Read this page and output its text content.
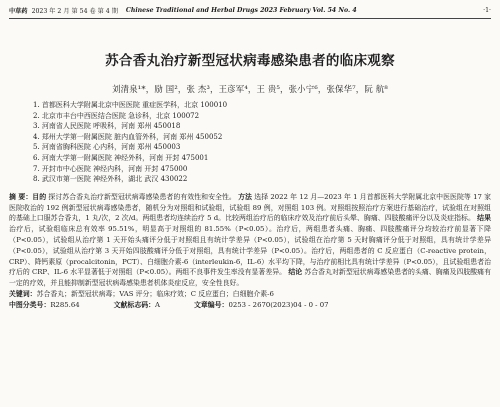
中草药 2023 年 2 月 第 54 卷 第 4 期 Chinese Traditional and Herbal Drugs 2023 February Vol. 54 No. 4	·1·
苏合香丸治疗新型冠状病毒感染患者的临床观察
刘清泉¹*，励 国²，张 杰³，王彦军⁴，王 贵⁵，张小宁⁶，张保华⁷，阮 航⁸
1. 首都医科大学附属北京中医医院 重症医学科，北京 100010
2. 北京市丰台中西医结合医院 急诊科，北京 100072
3. 河南省人民医院 呼吸科，河南 郑州 450018
4. 郑州大学第一附属医院 脏内血管外科，河南 郑州 450052
5. 河南省胸科医院 心内科，河南 郑州 450003
6. 河南大学第一附属医院 神经外科，河南 开封 475001
7. 开封市中心医院 神经内科，河南 开封 475000
8. 武汉市第一医院 神经外科，湖北 武汉 430022

摘 要：目的 探讨苏合香丸治疗新型冠状病毒感染患者的有效性和安全性。 方法 选择 2022 年 12 月—2023 年 1 月首都医科大学附属北京中医医院等 17 家医院收治的 192 例新型冠状病毒感染患者，随机分为对照组和试验组，试验组 89 例，对照组 103 例。对照组按照治疗方案进行基础治疗，试验组在对照组的基础上口服苏合香丸，1 丸/次，2 次/d。两组患者均连续治疗 5 d。比较两组治疗后的临床疗效及治疗前后头晕、胸痛、四肢酸痛评分以及炎症指标。 结果 治疗后，试验组临床总有效率 95.51%，明显高于对照组的 81.55%（P<0.05）。治疗后，两组患者头痛、胸痛、四肢酸痛评分均较治疗前显著下降（P<0.05），试验组从治疗第 1 天开始头痛评分低于对照组且有统计学差异（P<0.05），试验组在治疗第 5 天时胸痛评分低于对照组，具有统计学差异（P<0.05），试验组从治疗第 3 天开始四肢酸痛评分低于对照组，具有统计学差异（P<0.05）。治疗后，两组患者的 C 反应蛋白（C-reactive protein，CRP）、降钙素原（procalcitonin，PCT）、白细胞介素-6（interleukin-6，IL-6）水平均下降，与治疗前相比具有统计学差异（P<0.05），且试验组患者治疗后的 CRP、IL-6 水平显著低于对照组（P<0.05）。两组不良事件发生率没有显著差异。 结论 苏合香丸对新型冠状病毒感染患者的头痛、胸痛及四肢酸痛有一定的疗效，并且能抑制新型冠状病毒感染患者机体炎症反应，安全性良好。

关键词：苏合香丸；新型冠状病毒；VAS 评分；临床疗效；C 反应蛋白；白细胞介素-6
中图分类号：R285.64	文献标志码：A	文章编号：0253 - 2670(2023)04 - 0 - 07
